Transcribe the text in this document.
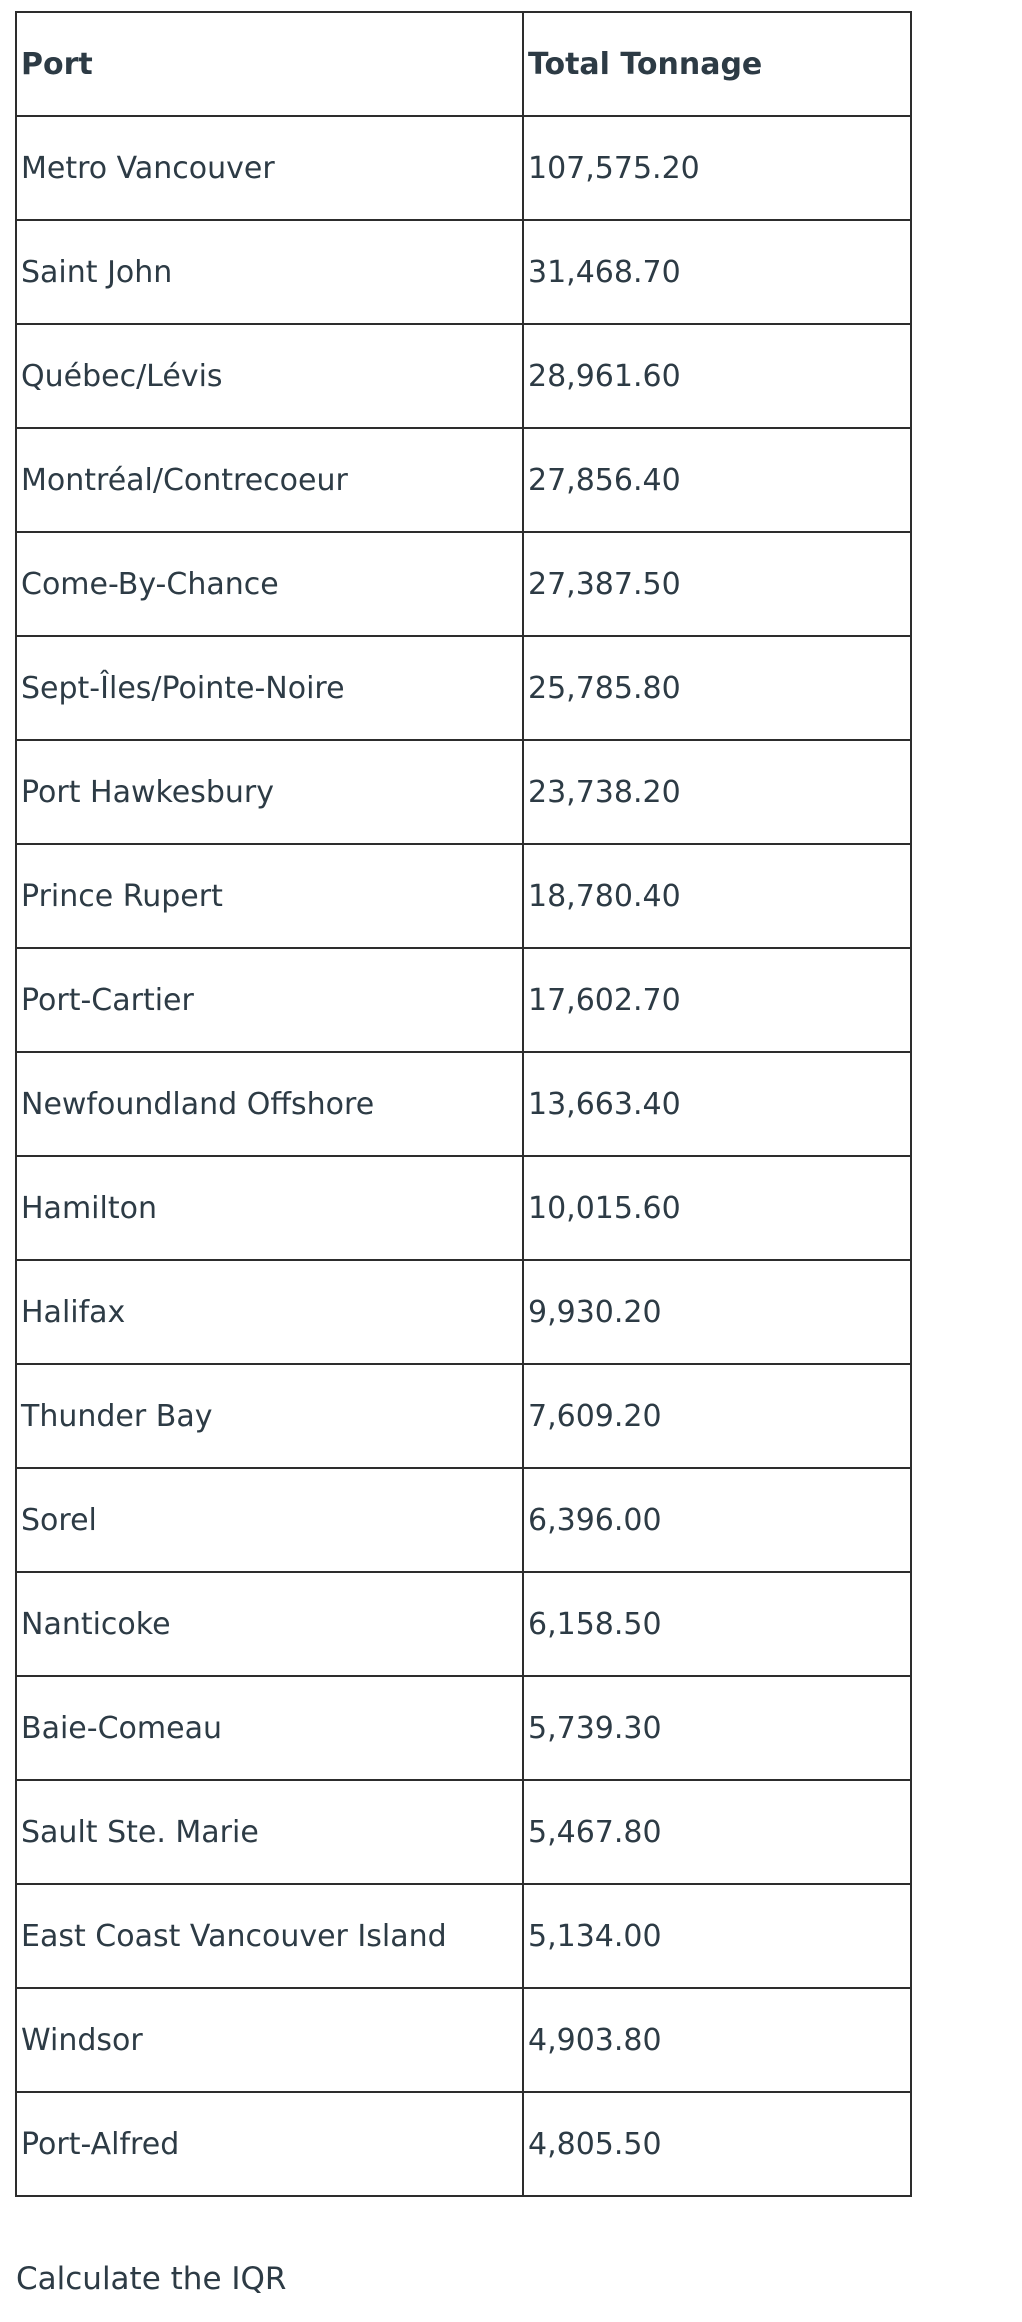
Port	Total Tonnage
Metro Vancouver	107,575.20
Saint John	31,468.70
Québec/Lévis	28,961.60
Montréal/Contrecoeur	27,856.40
Come-By-Chance	27,387.50
Sept-Îles/Pointe-Noire	25,785.80
Port Hawkesbury	23,738.20
Prince Rupert	18,780.40
Port-Cartier	17,602.70
Newfoundland Offshore	13,663.40
Hamilton	10,015.60
Halifax	9,930.20
Thunder Bay	7,609.20
Sorel	6,396.00
Nanticoke	6,158.50
Baie-Comeau	5,739.30
Sault Ste. Marie	5,467.80
East Coast Vancouver Island	5,134.00
Windsor	4,903.80
Port-Alfred	4,805.50
Calculate the IQR
